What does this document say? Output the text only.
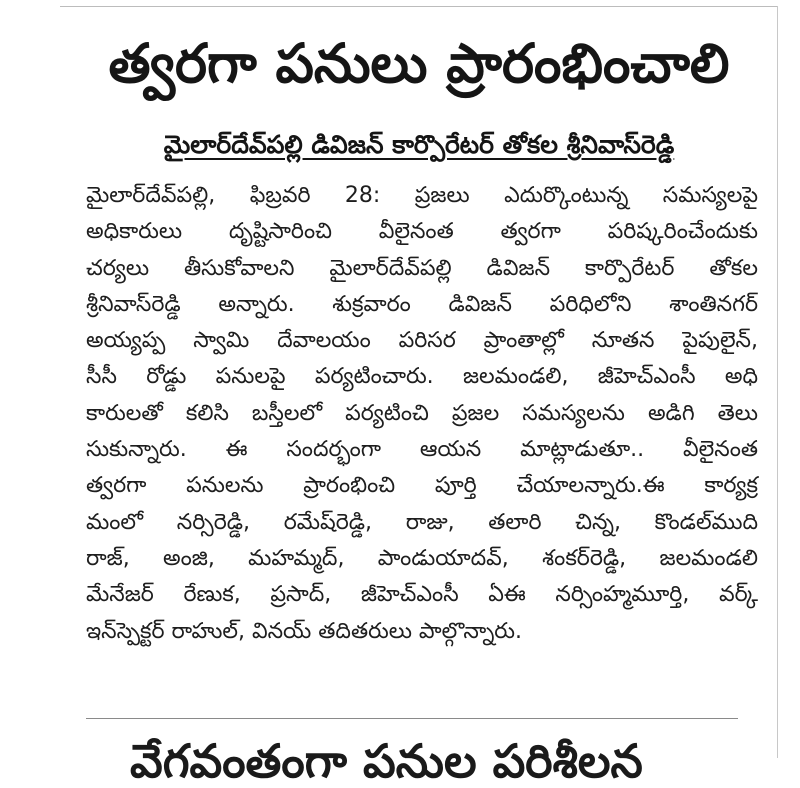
త్వరగా పనులు ప్రారంభించాలి
మైలార్‌దేవ్‌పల్లి డివిజన్ కార్పొరేటర్ తోకల శ్రీనివాస్‌రెడ్డి
మైలార్‌దేవ్‌పల్లి, ఫిబ్రవరి 28: ప్రజలు ఎదుర్కొంటున్న సమస్యలపై
అధికారులు దృష్టిసారించి వీలైనంత త్వరగా పరిష్కరించేందుకు
చర్యలు తీసుకోవాలని మైలార్‌దేవ్‌పల్లి డివిజన్ కార్పొరేటర్ తోకల
శ్రీనివాస్‌రెడ్డి అన్నారు. శుక్రవారం డివిజన్ పరిధిలోని శాంతినగర్
అయ్యప్ప స్వామి దేవాలయం పరిసర ప్రాంతాల్లో నూతన పైపులైన్,
సీసీ రోడ్డు పనులపై పర్యటించారు. జలమండలి, జీహెచ్ఎంసీ అధి
కారులతో కలిసి బస్తీలలో పర్యటించి ప్రజల సమస్యలను అడిగి తెలు
సుకున్నారు. ఈ సందర్భంగా ఆయన మాట్లాడుతూ.. వీలైనంత
త్వరగా పనులను ప్రారంభించి పూర్తి చేయాలన్నారు.ఈ కార్యక్ర
మంలో నర్సిరెడ్డి, రమేష్‌రెడ్డి, రాజు, తలారి చిన్న, కొండల్‌ముది
రాజ్, అంజి, మహమ్మద్, పాండుయాదవ్, శంకర్‌రెడ్డి, జలమండలి
మేనేజర్ రేణుక, ప్రసాద్, జీహెచ్ఎంసీ ఏఈ నర్సింహ్మమూర్తి, వర్క్
ఇన్‌స్పెక్టర్ రాహుల్, వినయ్ తదితరులు పాల్గొన్నారు.
వేగవంతంగా పనుల పరిశీలన
